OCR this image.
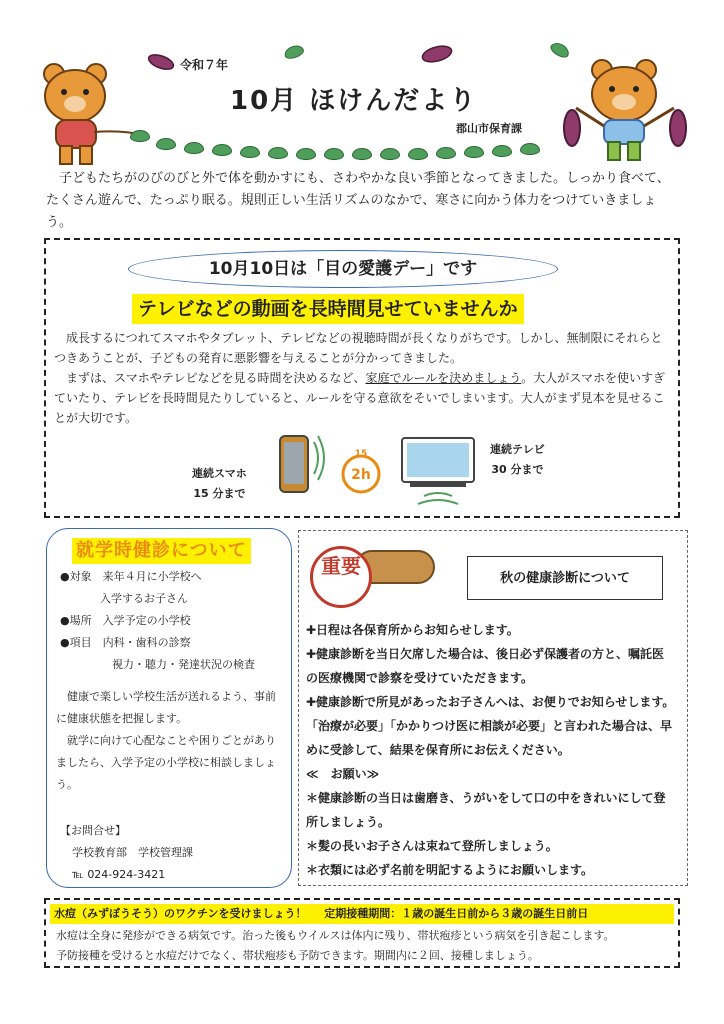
令和７年
10月 ほけんだより
郡山市保育課

子どもたちがのびのびと外で体を動かすにも、さわやかな良い季節となってきました。しっかり食べて、たくさん遊んで、たっぷり眠る。規則正しい生活リズムのなかで、寒さに向かう体力をつけていきましょう。

10月10日は「目の愛護デー」です
テレビなどの動画を長時間見せていませんか

成長するにつれてスマホやタブレット、テレビなどの視聴時間が長くなりがちです。しかし、無制限にそれらとつきあうことが、子どもの発育に悪影響を与えることが分かってきました。

まずは、スマホやテレビなどを見る時間を決めるなど、家庭でルールを決めましょう。大人がスマホを使いすぎていたり、テレビを長時間見たりしていると、ルールを守る意欲をそいでしまいます。大人がまず見本を見せることが大切です。

連続スマホ
15 分まで
15
2h
連続テレビ
30 分まで
就学時健診について
●対象　 来年４月に小学校へ
入学するお子さん
●場所　 入学予定の小学校
●項目　 内科・歯科の診察
視力・聴力・発達状況の検査

健康で楽しい学校生活が送れるよう、事前に健康状態を把握します。

就学に向けて心配なことや困りごとがありましたら、入学予定の小学校に相談しましょう。

【お問合せ】
学校教育部　学校管理課
℡ 024-924-3421
重要
秋の健康診断について

✚日程は各保育所からお知らせします。

✚健康診断を当日欠席した場合は、後日必ず保護者の方と、嘱託医の医療機関で診察を受けていただきます。

✚健康診断で所見があったお子さんへは、お便りでお知らせします。「治療が必要」「かかりつけ医に相談が必要」と言われた場合は、早めに受診して、結果を保育所にお伝えください。

≪　お願い≫

＊健康診断の当日は歯磨き、うがいをして口の中をきれいにして登所しましょう。

＊髪の長いお子さんは束ねて登所しましょう。

＊衣類には必ず名前を明記するようにお願いします。

水痘（みずぼうそう）のワクチンを受けましょう！ 定期接種期間：１歳の誕生日前から３歳の誕生日前日

水痘は全身に発疹ができる病気です。治った後もウイルスは体内に残り、帯状疱疹という病気を引き起こします。

予防接種を受けると水痘だけでなく、帯状疱疹も予防できます。期間内に２回、接種しましょう。
